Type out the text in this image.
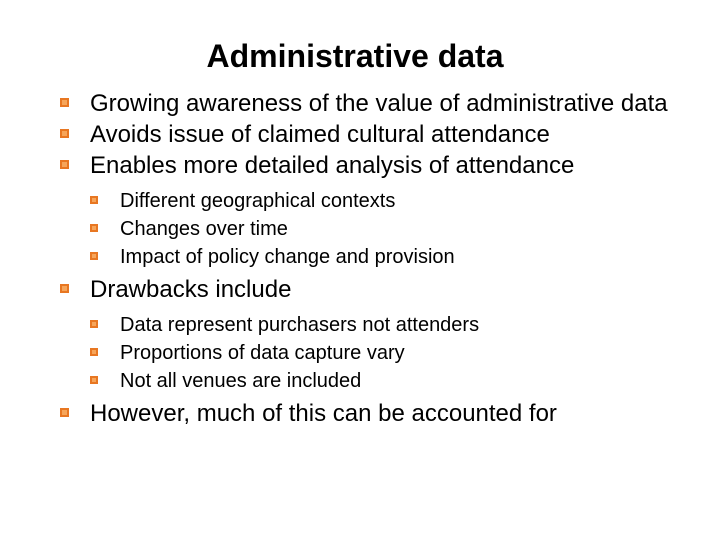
Administrative data
Growing awareness of the value of administrative data
Avoids issue of claimed cultural attendance
Enables more detailed analysis of attendance
Different geographical contexts
Changes over time
Impact of policy change and provision
Drawbacks include
Data represent purchasers not attenders
Proportions of data capture vary
Not all venues are included
However, much of this can be accounted for
